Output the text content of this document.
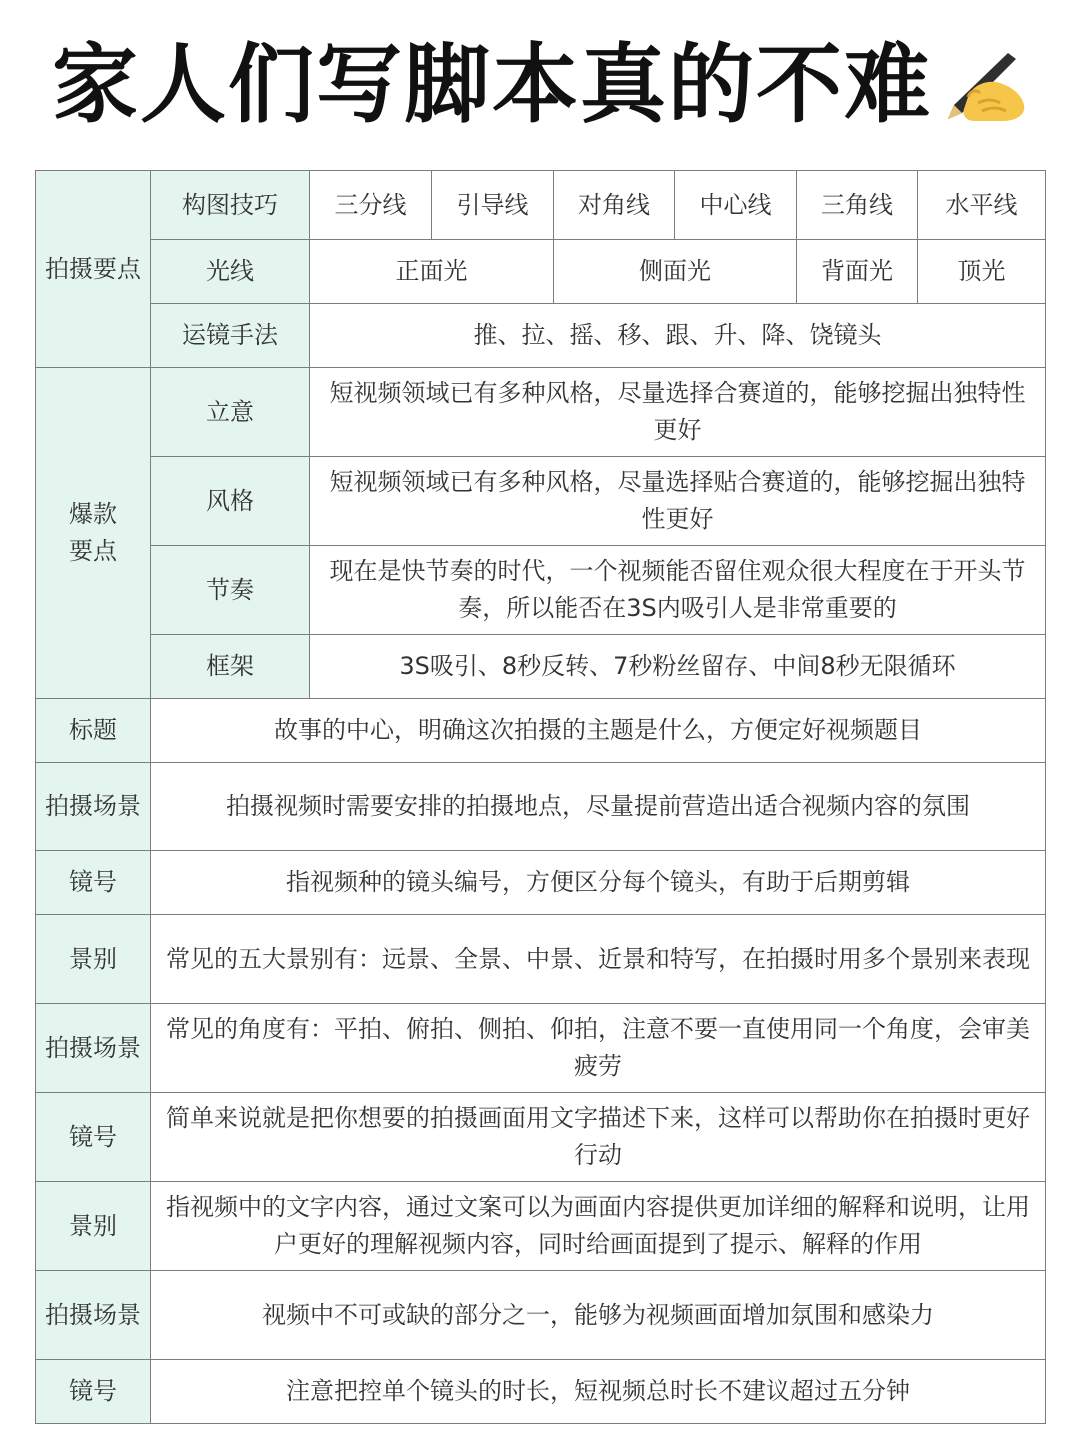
家人们写脚本真的不难
拍摄要点	构图技巧	三分线	引导线	对角线	中心线	三角线	水平线
	光线	正面光		侧面光		背面光	顶光
	运镜手法	推、拉、摇、移、跟、升、降、饶镜头					
爆款
要点	立意	短视频领域已有多种风格，尽量选择合赛道的，能够挖掘出独特性更好					
	风格	短视频领域已有多种风格，尽量选择贴合赛道的，能够挖掘出独特性更好					
	节奏	现在是快节奏的时代，一个视频能否留住观众很大程度在于开头节奏，所以能否在3S内吸引人是非常重要的					
	框架	3S吸引、8秒反转、7秒粉丝留存、中间8秒无限循环					
标题	故事的中心，明确这次拍摄的主题是什么，方便定好视频题目						
拍摄场景	拍摄视频时需要安排的拍摄地点，尽量提前营造出适合视频内容的氛围						
镜号	指视频种的镜头编号，方便区分每个镜头，有助于后期剪辑						
景别	常见的五大景别有：远景、全景、中景、近景和特写，在拍摄时用多个景别来表现						
拍摄场景	常见的角度有：平拍、俯拍、侧拍、仰拍，注意不要一直使用同一个角度，会审美疲劳						
镜号	简单来说就是把你想要的拍摄画面用文字描述下来，这样可以帮助你在拍摄时更好行动						
景别	指视频中的文字内容，通过文案可以为画面内容提供更加详细的解释和说明，让用户更好的理解视频内容，同时给画面提到了提示、解释的作用						
拍摄场景	视频中不可或缺的部分之一，能够为视频画面增加氛围和感染力						
镜号	注意把控单个镜头的时长，短视频总时长不建议超过五分钟						
